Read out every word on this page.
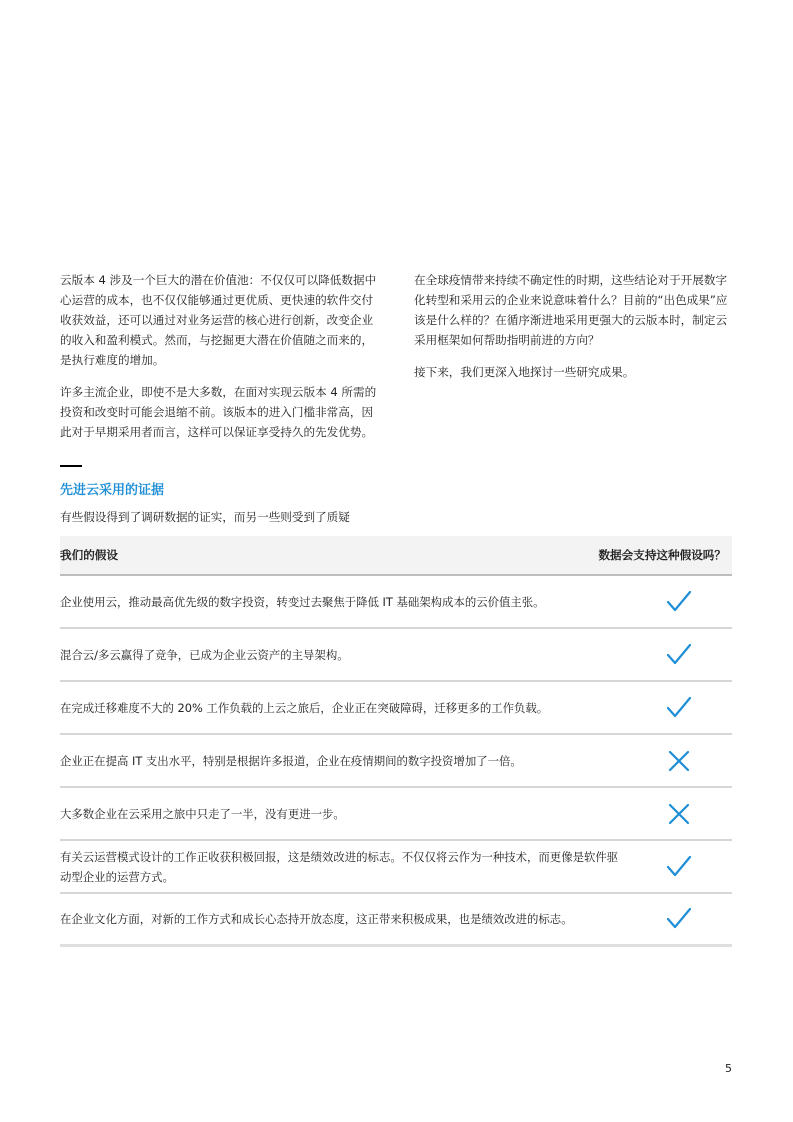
云版本 4 涉及一个巨大的潜在价值池：不仅仅可以降低数据中心运营的成本，也不仅仅能够通过更优质、更快速的软件交付收获效益，还可以通过对业务运营的核心进行创新，改变企业的收入和盈利模式。然而，与挖掘更大潜在价值随之而来的，是执行难度的增加。

许多主流企业，即使不是大多数，在面对实现云版本 4 所需的投资和改变时可能会退缩不前。该版本的进入门槛非常高，因此对于早期采用者而言，这样可以保证享受持久的先发优势。

在全球疫情带来持续不确定性的时期，这些结论对于开展数字化转型和采用云的企业来说意味着什么？目前的“出色成果”应该是什么样的？在循序渐进地采用更强大的云版本时，制定云采用框架如何帮助指明前进的方向？

接下来，我们更深入地探讨一些研究成果。

先进云采用的证据
有些假设得到了调研数据的证实，而另一些则受到了质疑
我们的假设	数据会支持这种假设吗？
企业使用云，推动最高优先级的数字投资，转变过去聚焦于降低 IT 基础架构成本的云价值主张。
混合云/多云赢得了竞争，已成为企业云资产的主导架构。
在完成迁移难度不大的 20% 工作负载的上云之旅后，企业正在突破障碍，迁移更多的工作负载。
企业正在提高 IT 支出水平，特别是根据许多报道，企业在疫情期间的数字投资增加了一倍。
大多数企业在云采用之旅中只走了一半，没有更进一步。
有关云运营模式设计的工作正收获积极回报，这是绩效改进的标志。不仅仅将云作为一种技术，而更像是软件驱动型企业的运营方式。
在企业文化方面，对新的工作方式和成长心态持开放态度，这正带来积极成果，也是绩效改进的标志。
5
